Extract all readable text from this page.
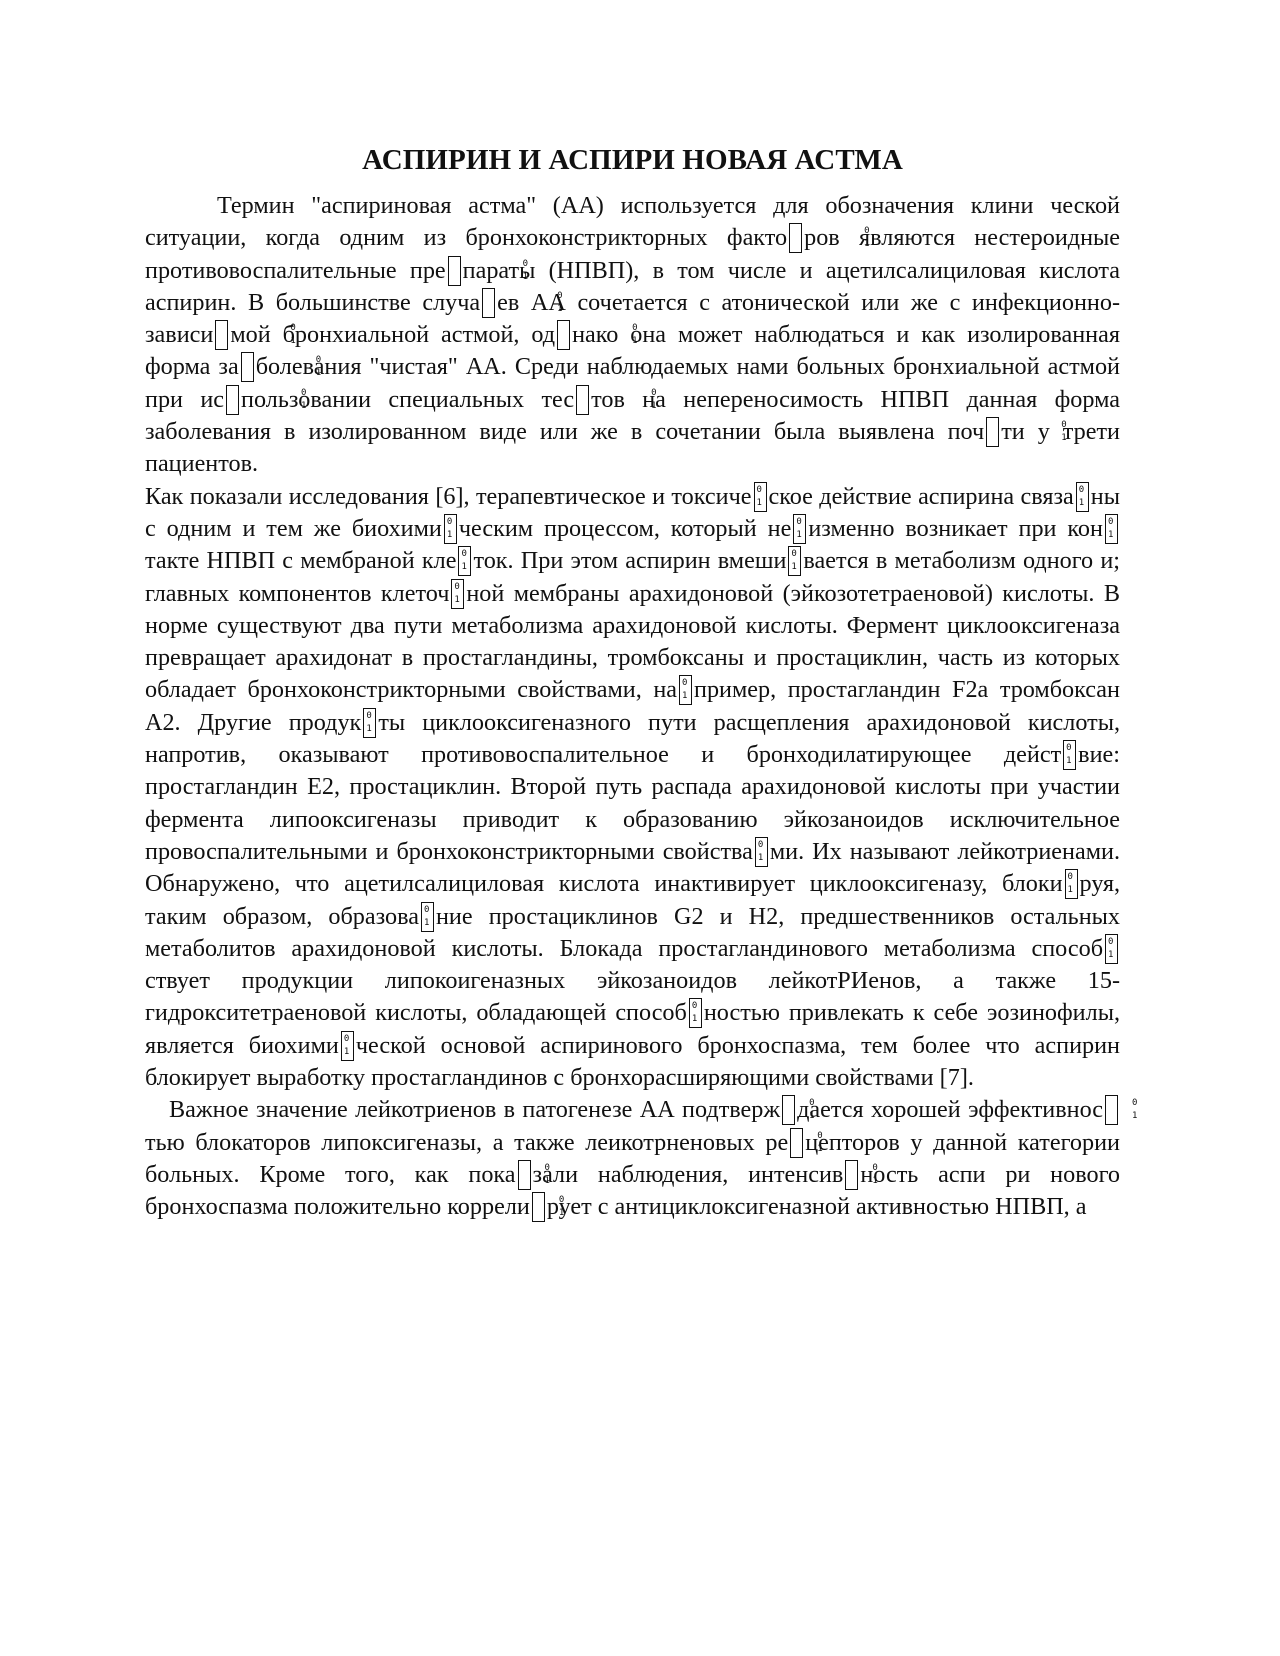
АСПИРИН И АСПИРИ НОВАЯ АСТМА

Термин "аспириновая астма" (АА) используется для обозначения клини ческой ситуации, когда одним из бронхоконстрикторных факто 0 1 ров являются нестероидные противовоспалительные пре 0 1 параты (НПВП), в том числе и ацетилсалициловая кислота аспирин. В большинстве случа 0 1 ев АА сочетается с атонической или же с инфекционно-зависи 0 1 мой бронхиальной астмой, од 0 1 нако она может наблюдаться и как изолированная форма за 0 1 болевания "чистая" АА. Среди наблюдаемых нами больных бронхиальной астмой при ис 0 1 пользовании специальных тес 0 1 тов на непереносимость НПВП данная форма заболевания в изолированном виде или же в сочетании была выявлена поч 0 1 ти у трети пациентов.

Как показали исследования [6], терапевтическое и токсиче 0 1 ское действие аспирина связа0 1 ны с одним и тем же биохими 0 1 ческим процессом, который не 0 1 изменно возникает при кон0 1такте НПВП с мембраной кле 0 1 ток. При этом аспирин вмеши 0 1 вается в метаболизм одного и; главных компонентов клеточ 0 1 ной мембраны арахидоновой (эйкозотетраеновой) кислоты. В норме существуют два пути метаболизма арахидоновой кислоты. Фермент циклооксигеназа превращает арахидонат в простагландины, тромбоксаны и простациклин, часть из которых обладает бронхоконстрикторными свойствами, на 0 1 пример, простагландин F2a тромбоксан A2. Другие продук 0 1 ты циклооксигеназного пути расщепления арахидоновой кислоты, напротив, оказывают противовоспалительное и бронходилатирующее дейст 0 1 вие: простагландин E2, простациклин. Второй путь распада арахидоновой кислоты при участии фермента липооксигеназы приводит к образованию эйкозаноидов исключительное провоспалительными и бронхоконстрикторными свойства 0 1 ми. Их называют лейкотриенами. Обнаружено, что ацетилсалициловая кислота инактивирует циклооксигеназу, блоки 0 1 руя, таким образом, образова 0 1 ние простациклинов G2 и H2, предшественников остальных метаболитов арахидоновой кислоты. Блокада простагландинового метаболизма способ0 1ствует продукции липокоигеназных эйкозаноидов лейкотРИенов, а также 15-гидрокситетраеновой кислоты, обладающей способ 0 1 ностью привлекать к себе эозинофилы, является биохими 0 1 ческой основой аспиринового бронхоспазма, тем более что аспирин блокирует выработку простагландинов с бронхорасширяющими свойствами [7].

Важное значение лейкотриенов в патогенезе АА подтверж 0 1 дается хорошей эффективнос0 1тью блокаторов липоксигеназы, а также леикотрненовых ре 0 1 цепторов у данной категории больных. Кроме того, как пока 0 1 зали наблюдения, интенсив 0 1 ность аспи ри нового бронхоспазма положительно коррели 0 1 рует с антициклоксигеназной активностью НПВП, а
